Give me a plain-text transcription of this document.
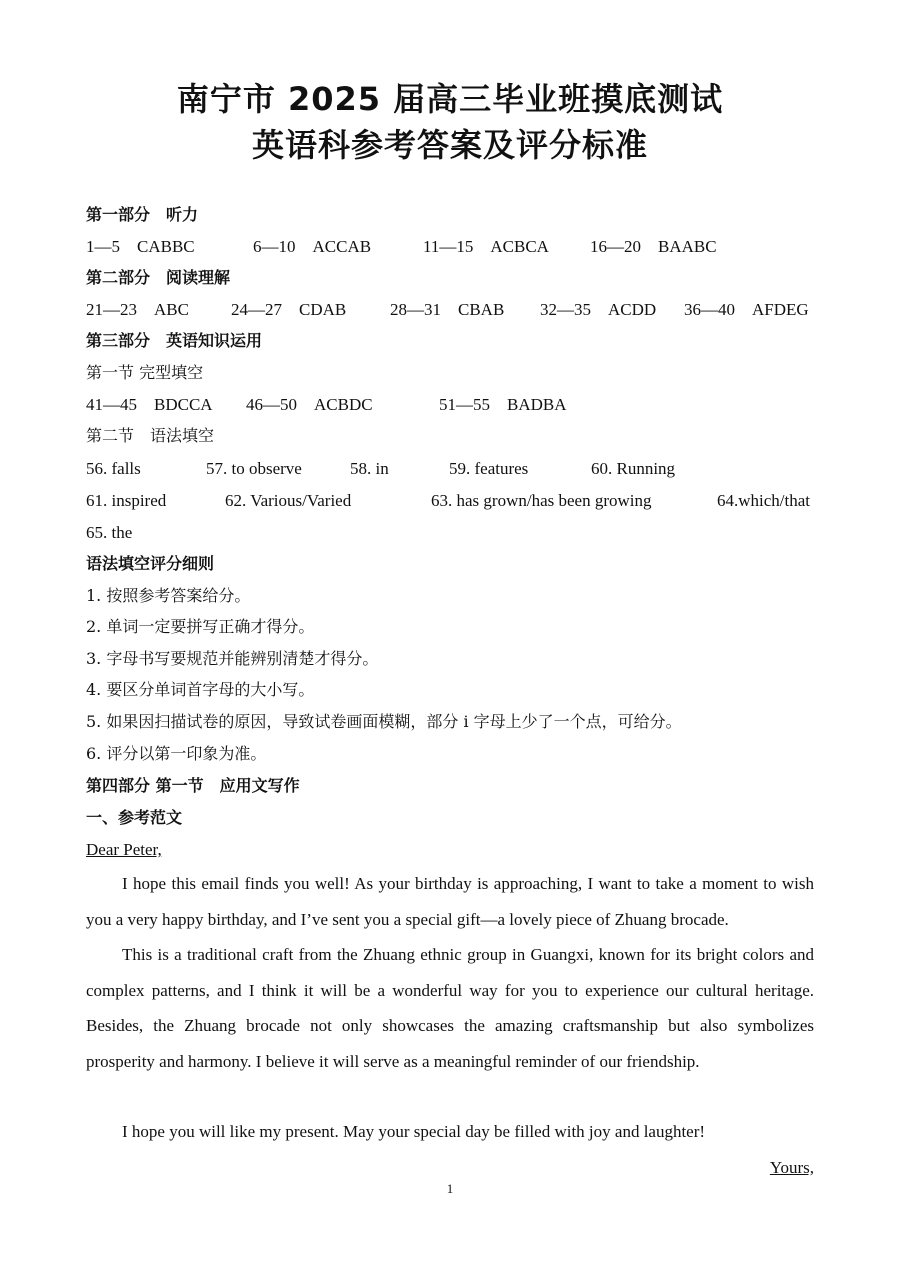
南宁市 2025 届高三毕业班摸底测试
英语科参考答案及评分标准
第一部分　听力
1—5　CABBC	6—10　ACCAB	11—15　ACBCA 16—20　BAABC
第二部分　阅读理解
21—23　ABC 24—27　CDAB	28—31　CBAB 32—35　ACDD 36—40　AFDEG
第三部分　英语知识运用
第一节 完型填空
41—45　BDCCA 46—50　ACBDC	51—55　BADBA
第二节　语法填空
56. falls	57. to observe	58. in	59. features	60. Running
61. inspired	62. Various/Varied	63. has grown/has been growing	64.which/that
65. the
语法填空评分细则
1. 按照参考答案给分。
2. 单词一定要拼写正确才得分。
3. 字母书写要规范并能辨别清楚才得分。
4. 要区分单词首字母的大小写。
5. 如果因扫描试卷的原因，导致试卷画面模糊，部分 i 字母上少了一个点，可给分。
6. 评分以第一印象为准。
第四部分 第一节　应用文写作
一、参考范文
Dear Peter,

I hope this email finds you well! As your birthday is approaching, I want to take a moment to wish you a very happy birthday, and I’ve sent you a special gift—a lovely piece of Zhuang brocade.

This is a traditional craft from the Zhuang ethnic group in Guangxi, known for its bright colors and complex patterns, and I think it will be a wonderful way for you to experience our cultural heritage. Besides, the Zhuang brocade not only showcases the amazing craftsmanship but also symbolizes prosperity and harmony. I believe it will serve as a meaningful reminder of our friendship.

I hope you will like my present. May your special day be filled with joy and laughter!

Yours,
1
